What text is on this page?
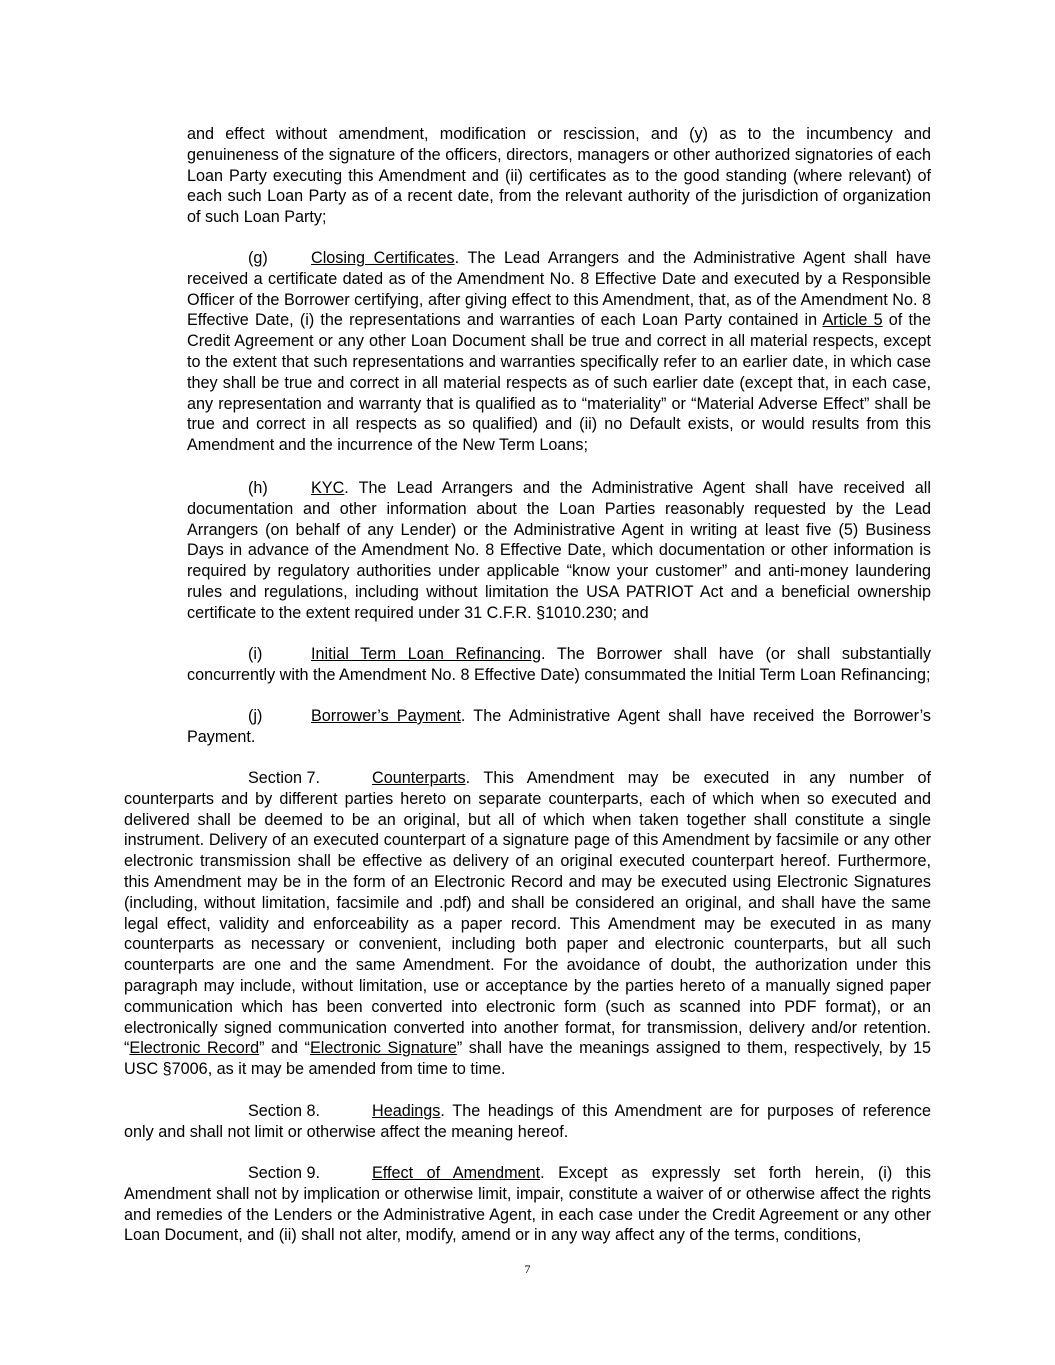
and effect without amendment, modification or rescission, and (y) as to the incumbency and genuineness of the signature of the officers, directors, managers or other authorized signatories of each Loan Party executing this Amendment and (ii) certificates as to the good standing (where relevant) of each such Loan Party as of a recent date, from the relevant authority of the jurisdiction of organization of such Loan Party;

(g)	Closing Certificates. The Lead Arrangers and the Administrative Agent shall have received a certificate dated as of the Amendment No. 8 Effective Date and executed by a Responsible Officer of the Borrower certifying, after giving effect to this Amendment, that, as of the Amendment No. 8 Effective Date, (i) the representations and warranties of each Loan Party contained in Article 5 of the Credit Agreement or any other Loan Document shall be true and correct in all material respects, except to the extent that such representations and warranties specifically refer to an earlier date, in which case they shall be true and correct in all material respects as of such earlier date (except that, in each case, any representation and warranty that is qualified as to “materiality” or “Material Adverse Effect” shall be true and correct in all respects as so qualified) and (ii) no Default exists, or would results from this Amendment and the incurrence of the New Term Loans;

(h)	KYC. The Lead Arrangers and the Administrative Agent shall have received all documentation and other information about the Loan Parties reasonably requested by the Lead Arrangers (on behalf of any Lender) or the Administrative Agent in writing at least five (5) Business Days in advance of the Amendment No. 8 Effective Date, which documentation or other information is required by regulatory authorities under applicable “know your customer” and anti-money laundering rules and regulations, including without limitation the USA PATRIOT Act and a beneficial ownership certificate to the extent required under 31 C.F.R. §1010.230; and

(i)	Initial Term Loan Refinancing. The Borrower shall have (or shall substantially concurrently with the Amendment No. 8 Effective Date) consummated the Initial Term Loan Refinancing;

(j)	Borrower’s Payment. The Administrative Agent shall have received the Borrower’s Payment.

Section 7.	Counterparts. This Amendment may be executed in any number of counterparts and by different parties hereto on separate counterparts, each of which when so executed and delivered shall be deemed to be an original, but all of which when taken together shall constitute a single instrument. Delivery of an executed counterpart of a signature page of this Amendment by facsimile or any other electronic transmission shall be effective as delivery of an original executed counterpart hereof. Furthermore, this Amendment may be in the form of an Electronic Record and may be executed using Electronic Signatures (including, without limitation, facsimile and .pdf) and shall be considered an original, and shall have the same legal effect, validity and enforceability as a paper record. This Amendment may be executed in as many counterparts as necessary or convenient, including both paper and electronic counterparts, but all such counterparts are one and the same Amendment. For the avoidance of doubt, the authorization under this paragraph may include, without limitation, use or acceptance by the parties hereto of a manually signed paper communication which has been converted into electronic form (such as scanned into PDF format), or an electronically signed communication converted into another format, for transmission, delivery and/or retention. “Electronic Record” and “Electronic Signature” shall have the meanings assigned to them, respectively, by 15 USC §7006, as it may be amended from time to time.

Section 8.	Headings. The headings of this Amendment are for purposes of reference only and shall not limit or otherwise affect the meaning hereof.

Section 9.	Effect of Amendment. Except as expressly set forth herein, (i) this Amendment shall not by implication or otherwise limit, impair, constitute a waiver of or otherwise affect the rights and remedies of the Lenders or the Administrative Agent, in each case under the Credit Agreement or any other Loan Document, and (ii) shall not alter, modify, amend or in any way affect any of the terms, conditions,

7
